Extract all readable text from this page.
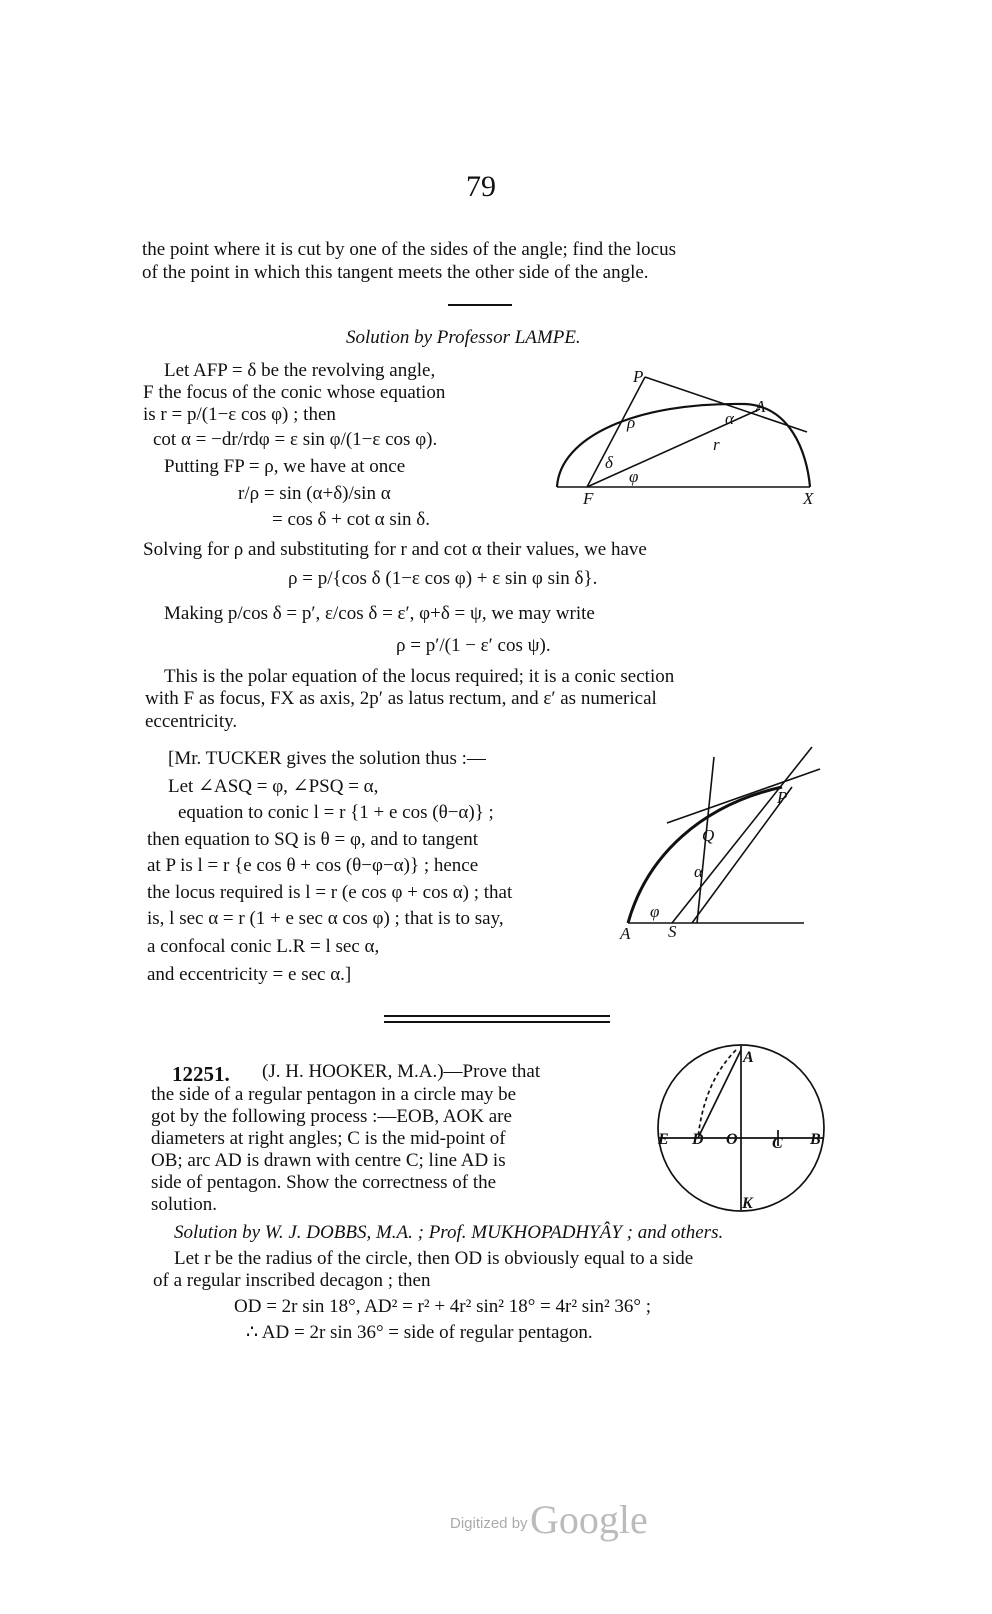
79
the point where it is cut by one of the sides of the angle; find the locus
of the point in which this tangent meets the other side of the angle.
Solution by Professor LAMPE.
Let AFP = δ be the revolving angle,
F the focus of the conic whose equation
is r = p/(1−ε cos φ) ; then
cot α = −dr/rdφ = ε sin φ/(1−ε cos φ).
Putting FP = ρ, we have at once
r/ρ = sin (α+δ)/sin α
= cos δ + cot α sin δ.
Solving for ρ and substituting for r and cot α their values, we have
ρ = p/{cos δ (1−ε cos φ) + ε sin φ sin δ}.
Making p/cos δ = p′, ε/cos δ = ε′, φ+δ = ψ, we may write
ρ = p′/(1 − ε′ cos ψ).
This is the polar equation of the locus required; it is a conic section
with F as focus, FX as axis, 2p′ as latus rectum, and ε′ as numerical
eccentricity.
P
ρ
A
r
α
δ
φ
F	X
[Mr. TUCKER gives the solution thus :—
Let ∠ASQ = φ, ∠PSQ = α,
equation to conic l = r {1 + e cos (θ−α)} ;
then equation to SQ is θ = φ, and to tangent
at P is l = r {e cos θ + cos (θ−φ−α)} ; hence
the locus required is l = r (e cos φ + cos α) ; that
is, l sec α = r (1 + e sec α cos φ) ; that is to say,
a confocal conic L.R = l sec α,
and eccentricity = e sec α.]
P
Q
α
φ
A S
12251. (J. H. HOOKER, M.A.)—Prove that
the side of a regular pentagon in a circle may be
got by the following process :—EOB, AOK are
diameters at right angles; C is the mid-point of
OB; arc AD is drawn with centre C; line AD is
side of pentagon. Show the correctness of the
solution.
A
E D O C B
K
Solution by W. J. DOBBS, M.A. ; Prof. MUKHOPADHYÂY ; and others.
Let r be the radius of the circle, then OD is obviously equal to a side
of a regular inscribed decagon ; then
OD = 2r sin 18°, AD² = r² + 4r² sin² 18° = 4r² sin² 36° ;
∴ AD = 2r sin 36° = side of regular pentagon.
Digitized by Google
